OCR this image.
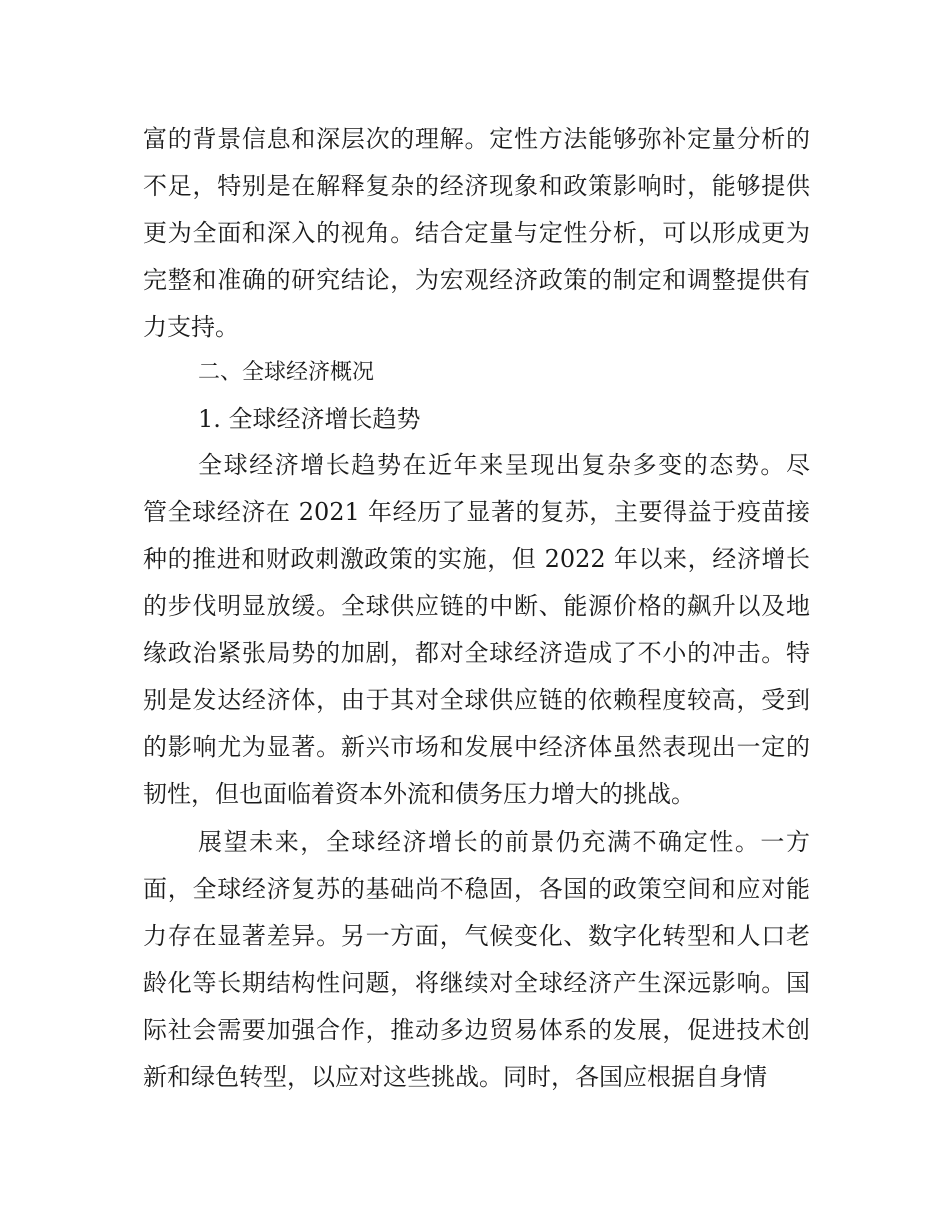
富的背景信息和深层次的理解。定性方法能够弥补定量分析的
不足，特别是在解释复杂的经济现象和政策影响时，能够提供
更为全面和深入的视角。结合定量与定性分析，可以形成更为
完整和准确的研究结论，为宏观经济政策的制定和调整提供有
力支持。
二、全球经济概况
1. 全球经济增长趋势
全球经济增长趋势在近年来呈现出复杂多变的态势。尽
管全球经济在 2021 年经历了显著的复苏，主要得益于疫苗接
种的推进和财政刺激政策的实施，但 2022 年以来，经济增长
的步伐明显放缓。全球供应链的中断、能源价格的飙升以及地
缘政治紧张局势的加剧，都对全球经济造成了不小的冲击。特
别是发达经济体，由于其对全球供应链的依赖程度较高，受到
的影响尤为显著。新兴市场和发展中经济体虽然表现出一定的
韧性，但也面临着资本外流和债务压力增大的挑战。
展望未来，全球经济增长的前景仍充满不确定性。一方
面，全球经济复苏的基础尚不稳固，各国的政策空间和应对能
力存在显著差异。另一方面，气候变化、数字化转型和人口老
龄化等长期结构性问题，将继续对全球经济产生深远影响。国
际社会需要加强合作，推动多边贸易体系的发展，促进技术创
新和绿色转型，以应对这些挑战。同时，各国应根据自身情
